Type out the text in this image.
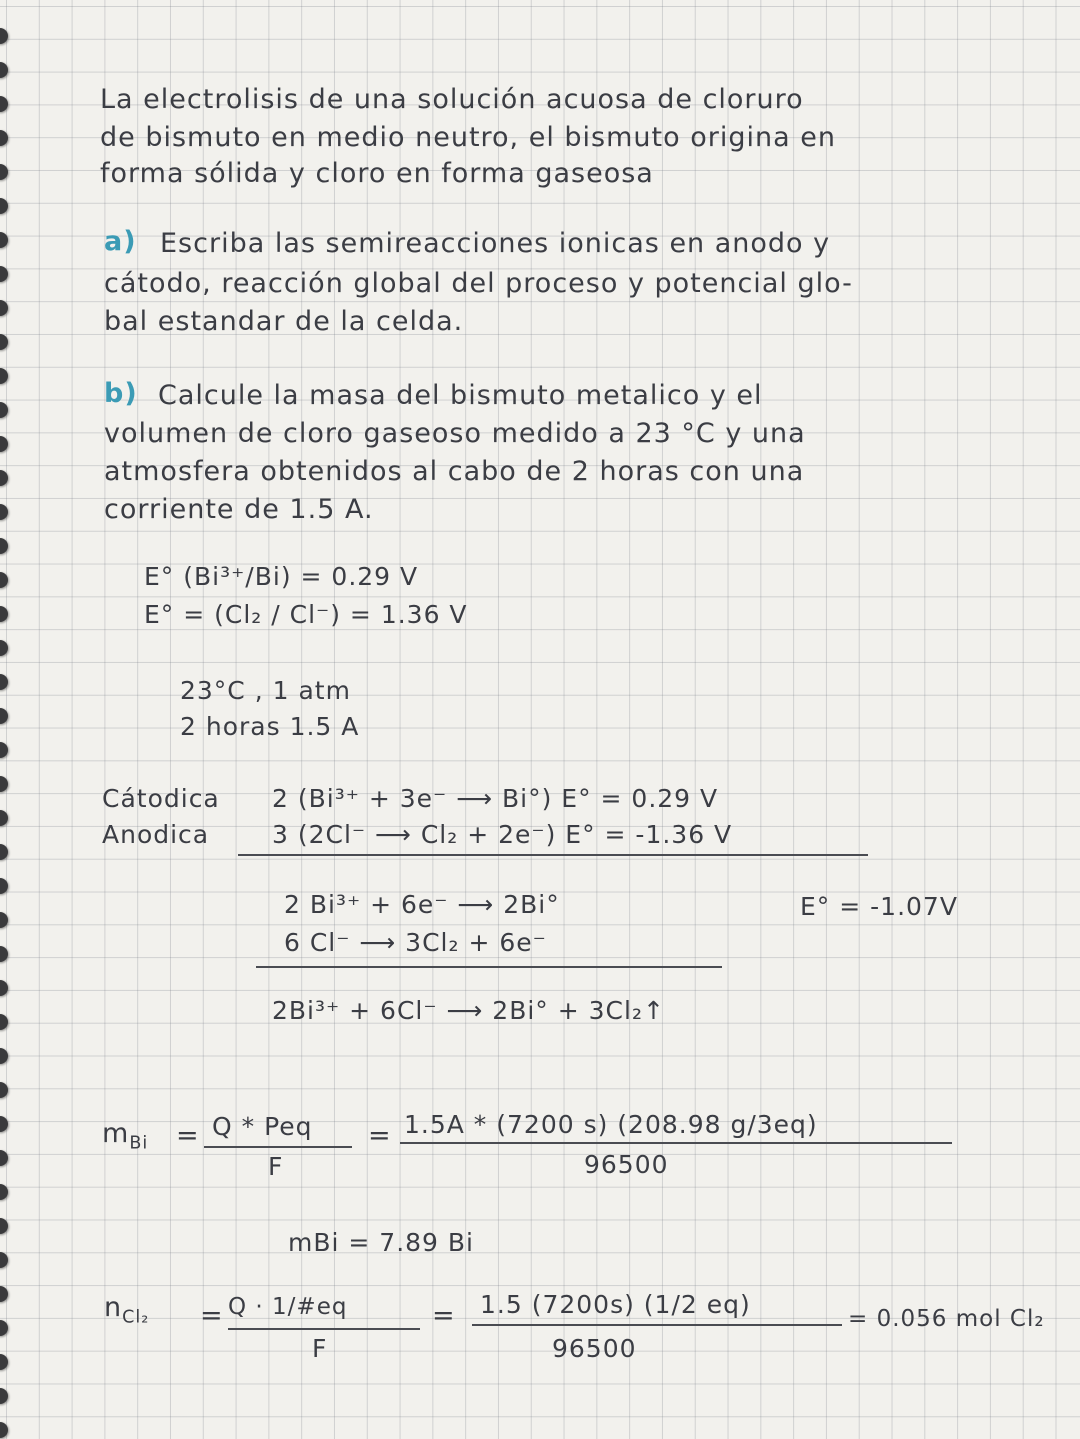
La electrolisis de una solución acuosa de cloruro
de bismuto en medio neutro, el bismuto origina en
forma sólida y cloro en forma gaseosa
a) Escriba las semireacciones ionicas en anodo y
cátodo, reacción global del proceso y potencial glo-
bal estandar de la celda.
b) Calcule la masa del bismuto metalico y el
volumen de cloro gaseoso medido a 23 °C y una
atmosfera obtenidos al cabo de 2 horas con una
corriente de 1.5 A.
E° (Bi³⁺/Bi) = 0.29 V
E° = (Cl₂ / Cl⁻) = 1.36 V
23°C , 1 atm
2 horas 1.5 A
Cátodica 2 (Bi³⁺ + 3e⁻ ⟶ Bi°) E° = 0.29 V
Anodica	3 (2Cl⁻ ⟶ Cl₂ + 2e⁻) E° = -1.36 V
2 Bi³⁺ + 6e⁻ ⟶ 2Bi°	E° = -1.07V
6 Cl⁻ ⟶ 3Cl₂ + 6e⁻
2Bi³⁺ + 6Cl⁻ ⟶ 2Bi° + 3Cl₂↑
$m_{Bi} = Q$ * Peq
F
= 1.5A * (7200 s) (208.98 g/3eq)
96500
mBi = 7.89 Bi
$n_{Cl_2} = Q$ · 1/#eq
F
= 1.5 (7200s) (1/2 eq)
96500
= 0.056 mol Cl₂
